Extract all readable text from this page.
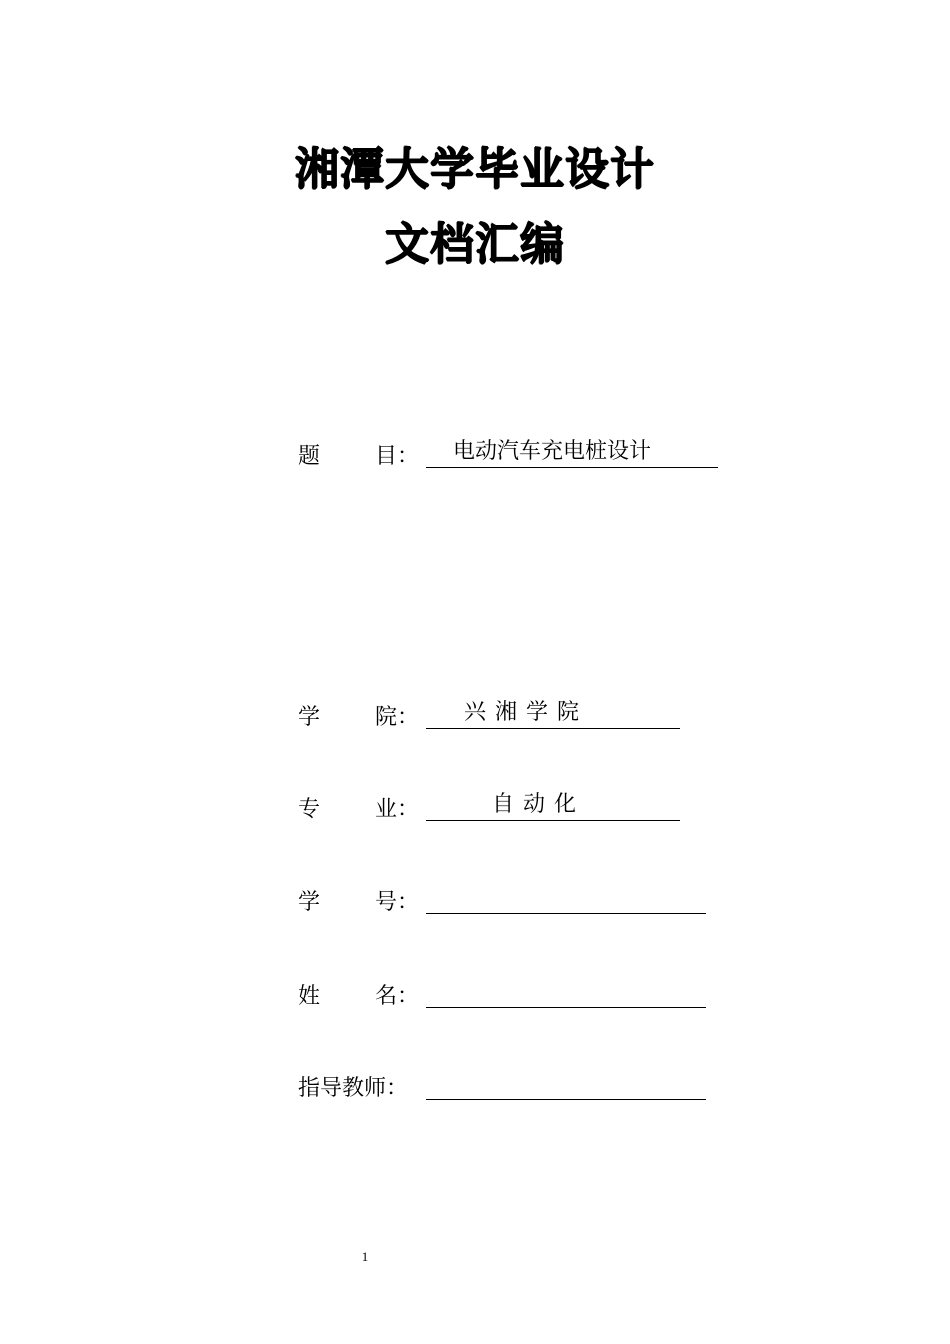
湘潭大学毕业设计
文档汇编
题	目 ：	电动汽车充电桩设计
学	院 ：	兴湘学院
专	业 ：	自动化
学	号 ：
姓	名 ：
指导教师 ：
1
